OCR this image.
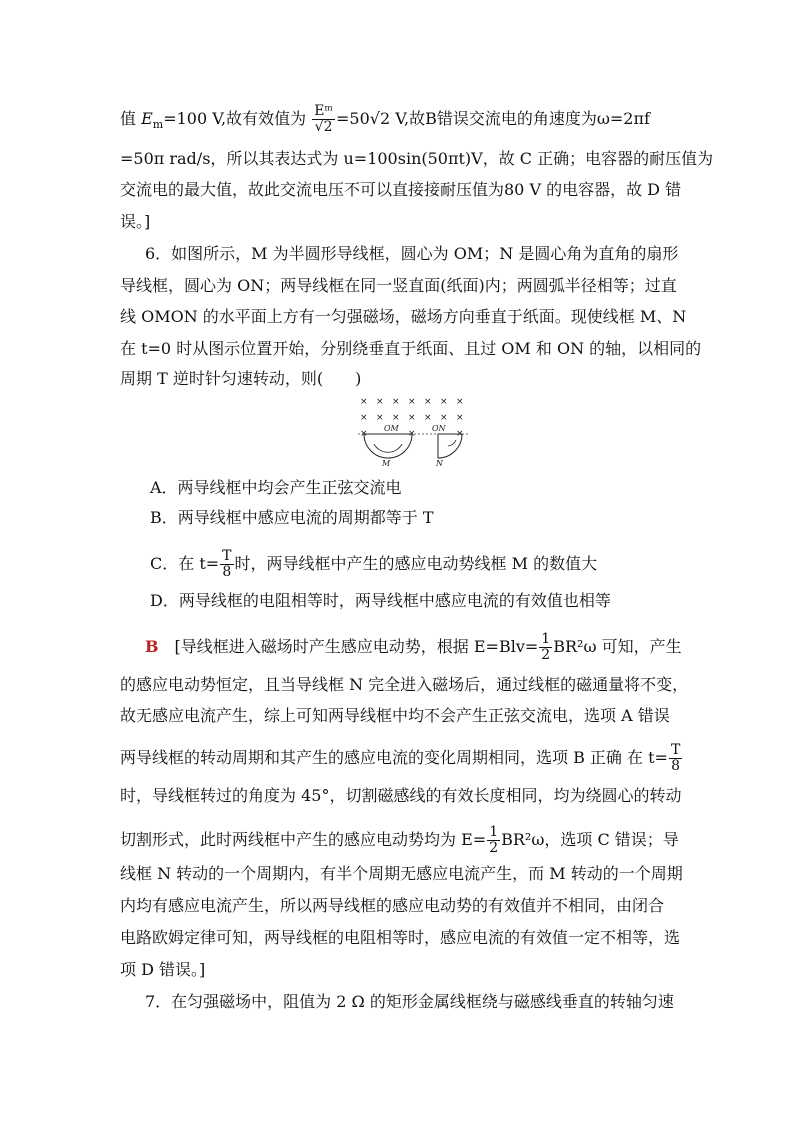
值 $E_m=100$ V,故有效值为 $\frac{\text{Eᵐ}}{√2} =50√2$ V,故B错误交流电的角速度为ω=2πf
=50π rad/s，所以其表达式为 u=100sin(50πt)V，故 C 正确；电容器的耐压值为
交流电的最大值，故此交流电压不可以直接接耐压值为80 V 的电容器，故 D 错
误。]
6．如图所示，M 为半圆形导线框，圆心为 OM；N 是圆心角为直角的扇形
导线框，圆心为 ON；两导线框在同一竖直面(纸面)内；两圆弧半径相等；过直
线 OMON 的水平面上方有一匀强磁场，磁场方向垂直于纸面。现使线框 M、N
在 t=0 时从图示位置开始，分别绕垂直于纸面、且过 OM 和 ON 的轴，以相同的
周期 T 逆时针匀速转动，则(　　)
× × × × × × ×
× × × × × × ×
×	×	×
OM	ON
M	N
A．两导线框中均会产生正弦交流电
B．两导线框中感应电流的周期都等于 T
C．在 $t= \frac{T}{8}$ 时，两导线框中产生的感应电动势线框 M 的数值大
D．两导线框的电阻相等时，两导线框中感应电流的有效值也相等
B　 [导线框进入磁场时产生感应电动势，根据 $E=Blv= \frac{1}{2} BR^2\omega$ 可知，产生
的感应电动势恒定，且当导线框 N 完全进入磁场后，通过线框的磁通量将不变，
故无感应电流产生，综上可知两导线框中均不会产生正弦交流电，选项 A 错误
两导线框的转动周期和其产生的感应电流的变化周期相同，选项 B 正确 在 $t= \frac{T}{8}$
时，导线框转过的角度为 45°，切割磁感线的有效长度相同，均为绕圆心的转动
切割形式，此时两线框中产生的感应电动势均为 $E= \frac{1}{2} BR^2\omega$，选项 C 错误；导
线框 N 转动的一个周期内，有半个周期无感应电流产生，而 M 转动的一个周期
内均有感应电流产生，所以两导线框的感应电动势的有效值并不相同，由闭合
电路欧姆定律可知，两导线框的电阻相等时，感应电流的有效值一定不相等，选
项 D 错误。]
7．在匀强磁场中，阻值为 2 Ω 的矩形金属线框绕与磁感线垂直的转轴匀速
